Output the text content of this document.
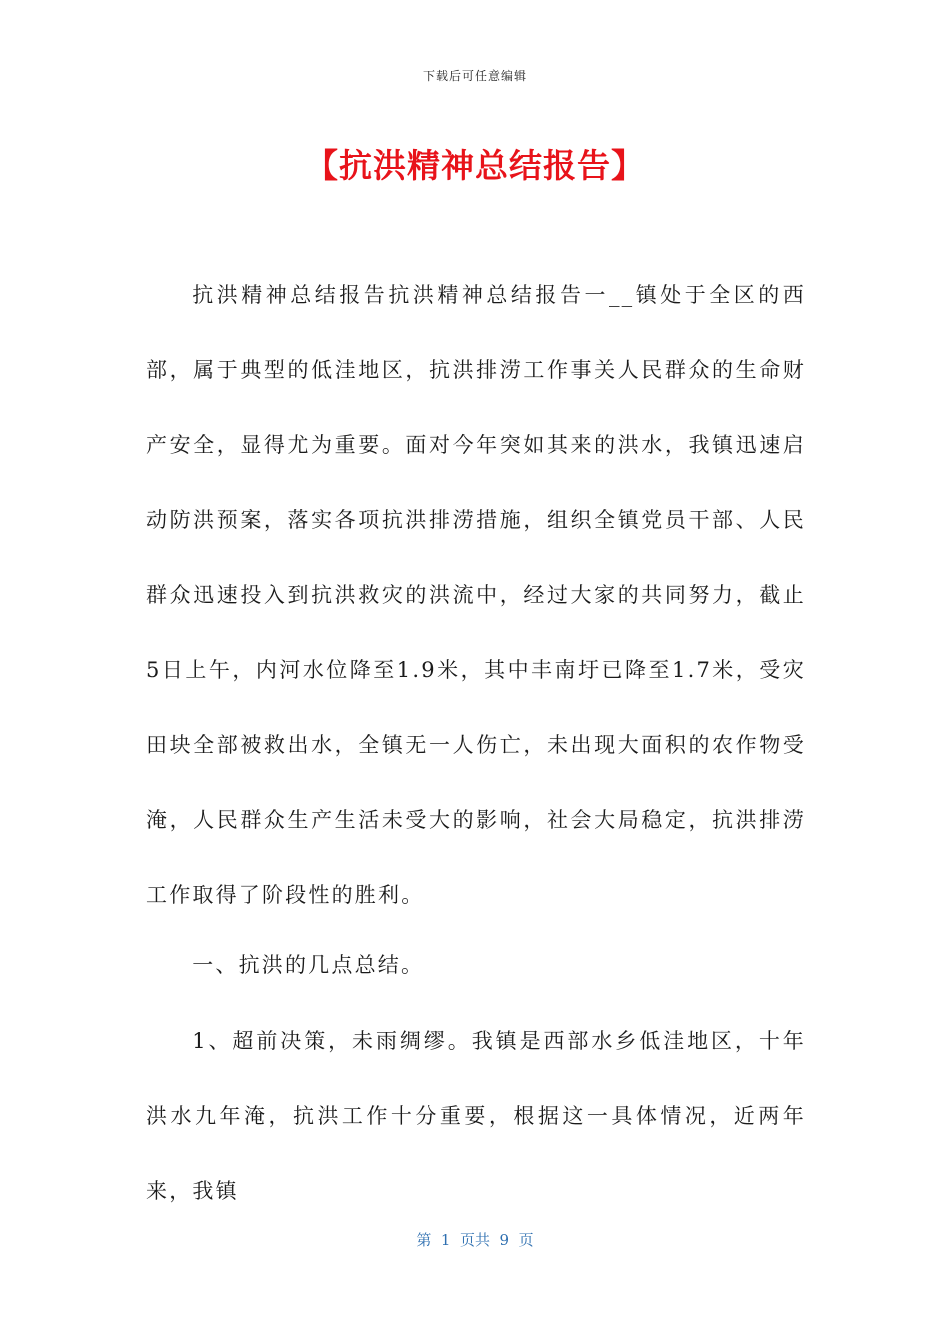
下载后可任意编辑
【抗洪精神总结报告】

抗洪精神总结报告抗洪精神总结报告一__镇处于全区的西部，属于典型的低洼地区，抗洪排涝工作事关人民群众的生命财产安全，显得尤为重要。面对今年突如其来的洪水，我镇迅速启动防洪预案，落实各项抗洪排涝措施，组织全镇党员干部、人民群众迅速投入到抗洪救灾的洪流中，经过大家的共同努力，截止5日上午，内河水位降至1.9米，其中丰南圩已降至1.7米，受灾田块全部被救出水，全镇无一人伤亡，未出现大面积的农作物受淹，人民群众生产生活未受大的影响，社会大局稳定，抗洪排涝工作取得了阶段性的胜利。

一、抗洪的几点总结。

1、超前决策，未雨绸缪。我镇是西部水乡低洼地区，十年洪水九年淹，抗洪工作十分重要，根据这一具体情况，近两年来，我镇

第  1  页共  9  页
